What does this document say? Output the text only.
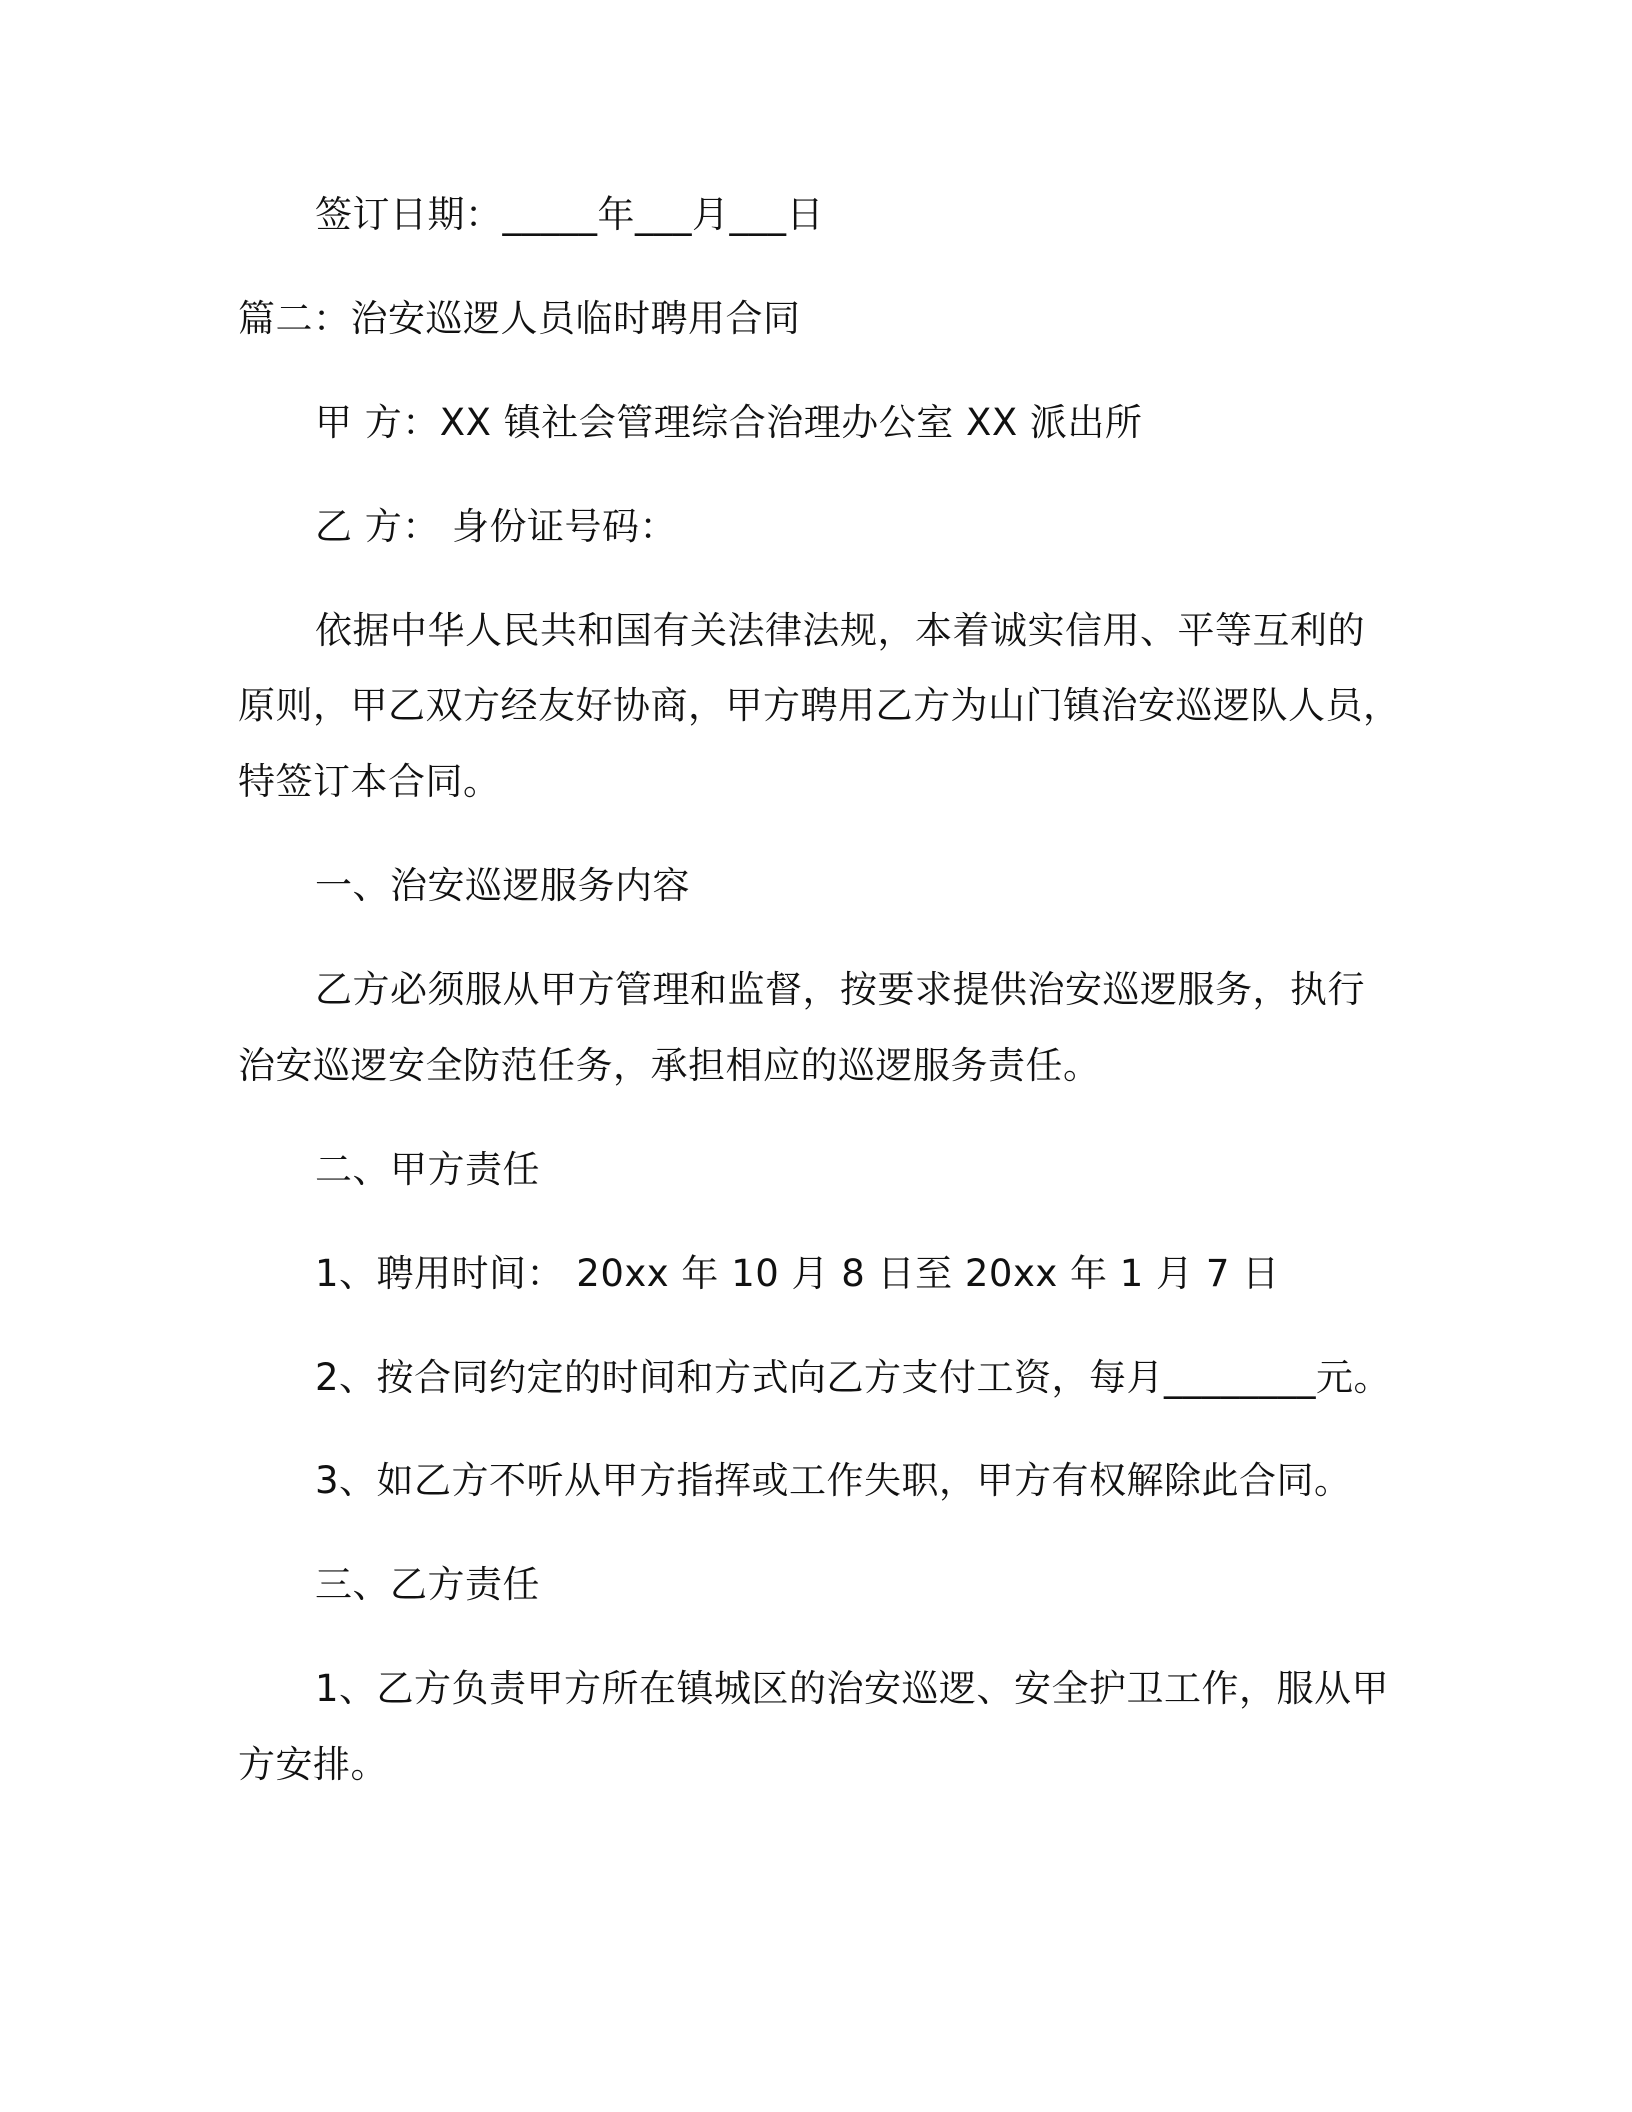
签订日期：_____年___月___日
篇二：治安巡逻人员临时聘用合同
甲 方：XX 镇社会管理综合治理办公室 XX 派出所
乙 方： 身份证号码：
依据中华人民共和国有关法律法规，本着诚实信用、平等互利的
原则，甲乙双方经友好协商，甲方聘用乙方为山门镇治安巡逻队人员，
特签订本合同。
一、治安巡逻服务内容
乙方必须服从甲方管理和监督，按要求提供治安巡逻服务，执行
治安巡逻安全防范任务，承担相应的巡逻服务责任。
二、甲方责任
1、聘用时间： 20xx 年 10 月 8 日至 20xx 年 1 月 7 日
2、按合同约定的时间和方式向乙方支付工资，每月________元。
3、如乙方不听从甲方指挥或工作失职，甲方有权解除此合同。
三、乙方责任
1、乙方负责甲方所在镇城区的治安巡逻、安全护卫工作，服从甲
方安排。
